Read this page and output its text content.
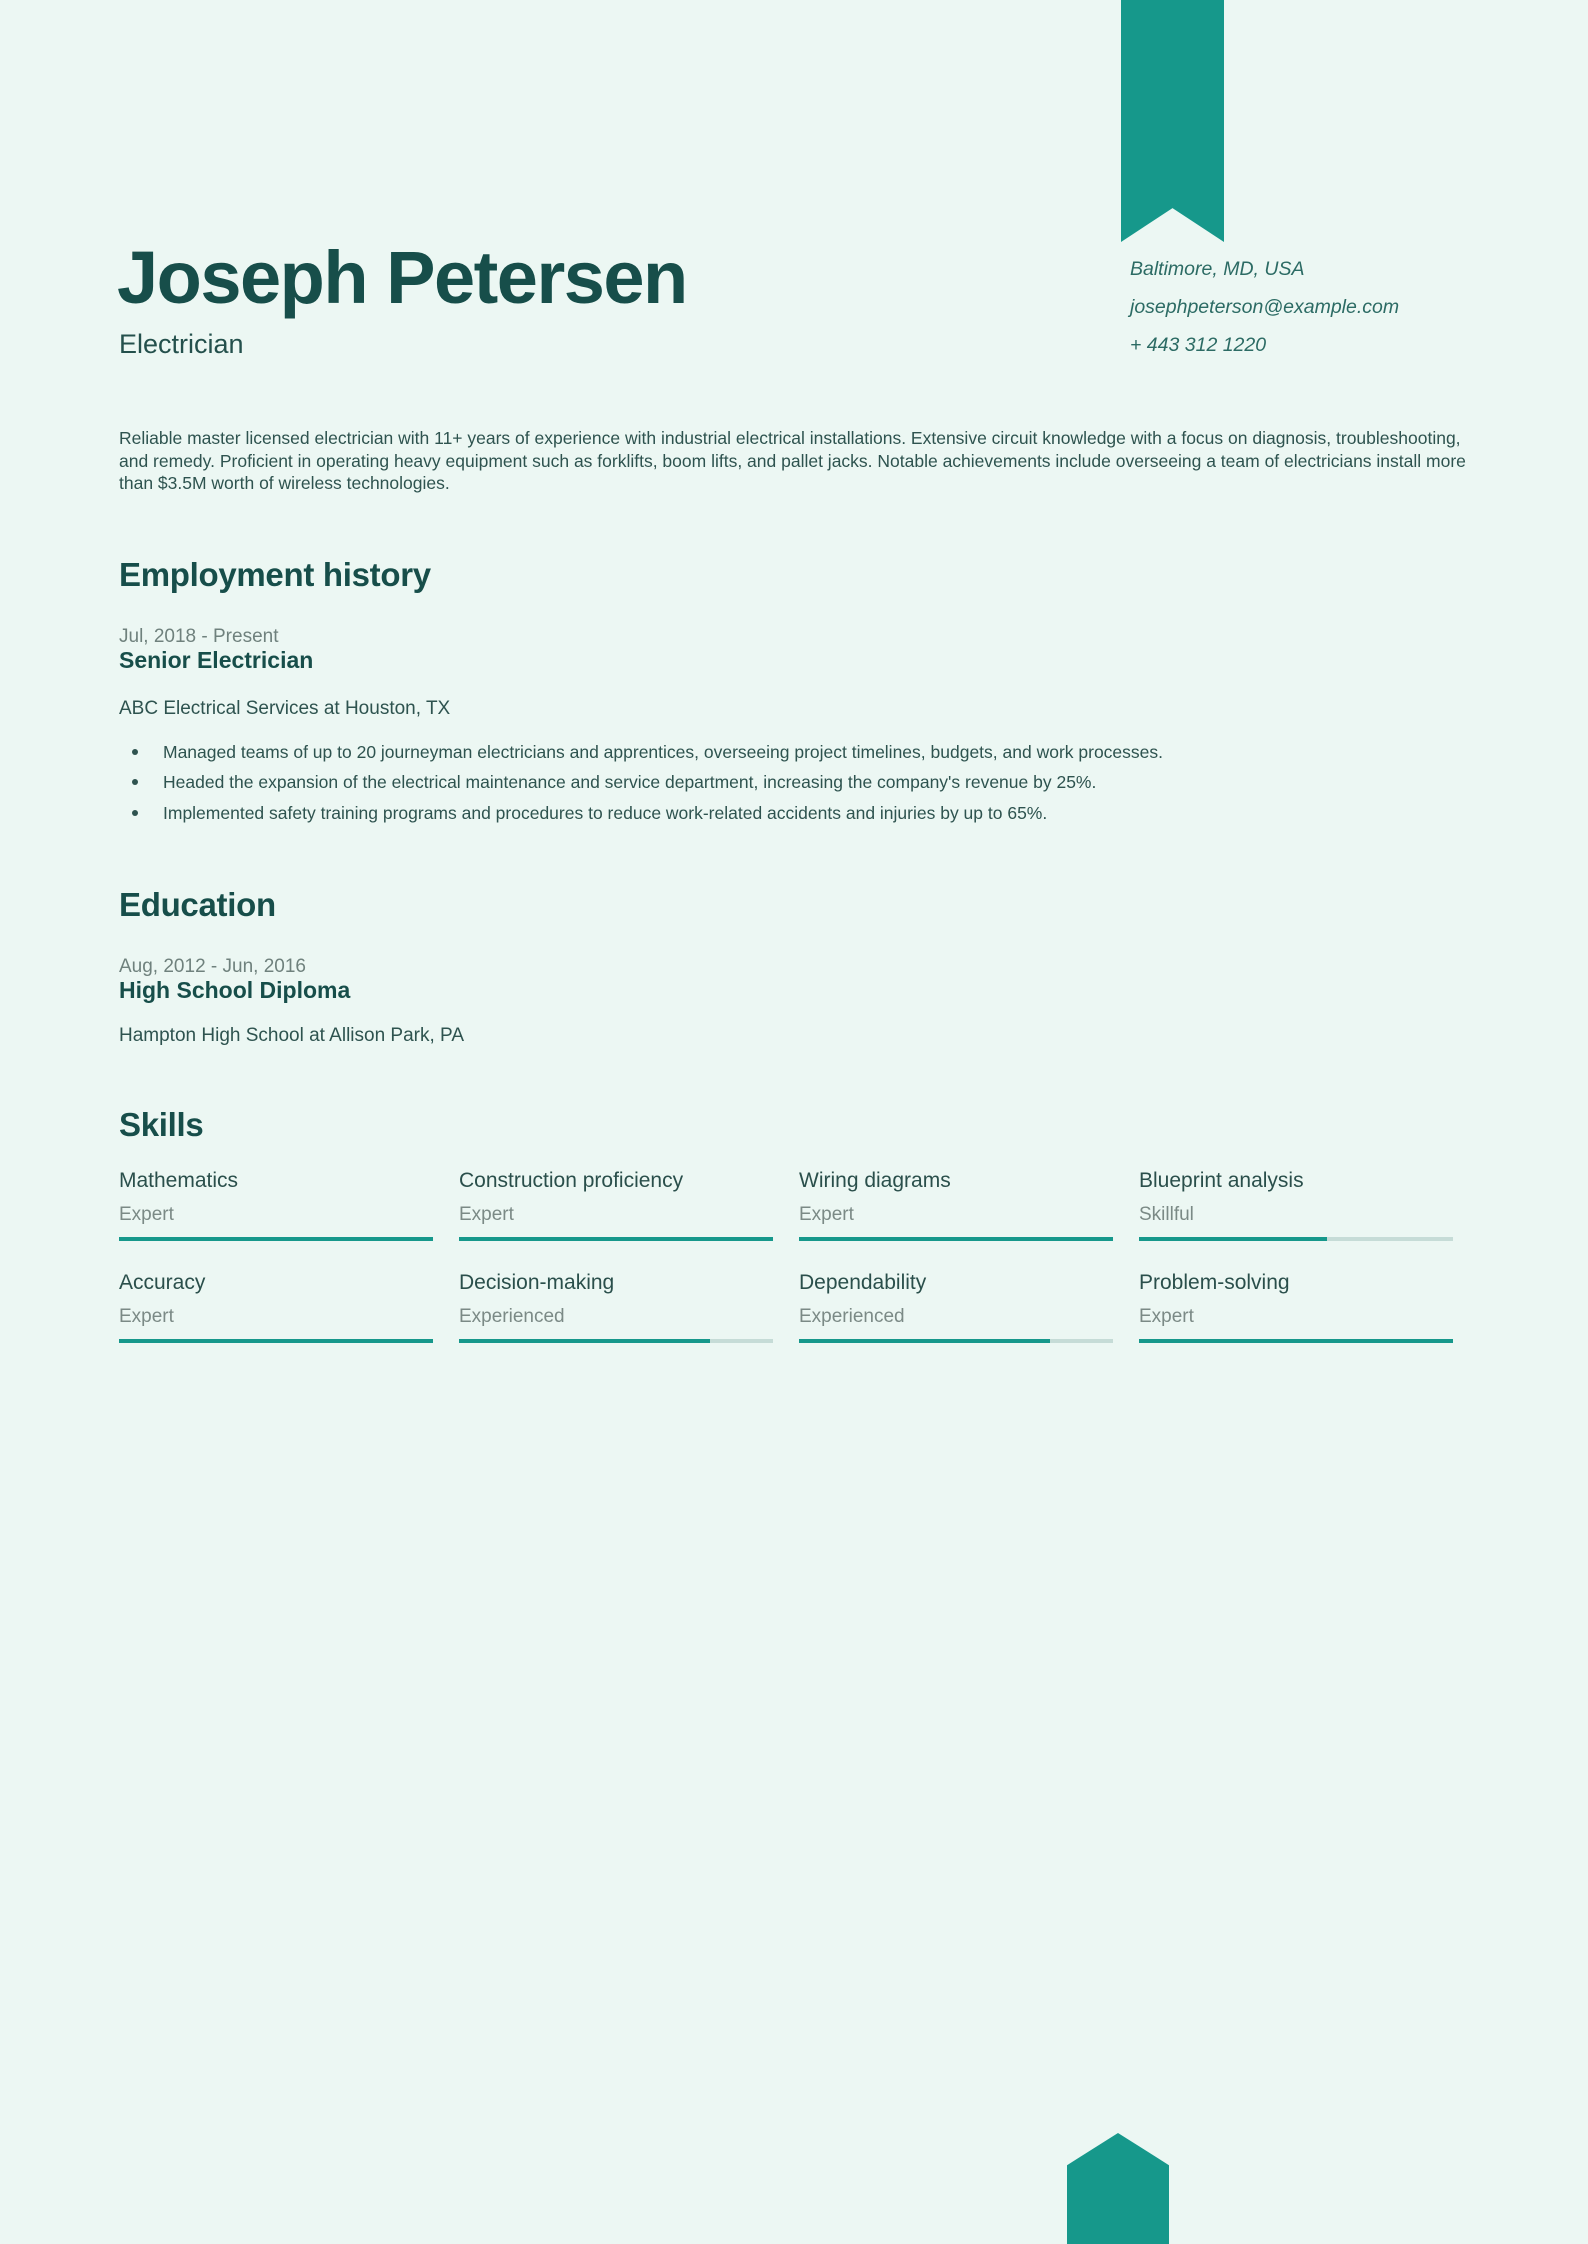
Joseph Petersen
Electrician
Baltimore, MD, USA
josephpeterson@example.com
+ 443 312 1220
Reliable master licensed electrician with 11+ years of experience with industrial electrical installations. Extensive circuit knowledge with a focus on diagnosis, troubleshooting, and remedy. Proficient in operating heavy equipment such as forklifts, boom lifts, and pallet jacks. Notable achievements include overseeing a team of electricians install more than $3.5M worth of wireless technologies.
Employment history
Jul, 2018 - Present
Senior Electrician
ABC Electrical Services at Houston, TX
Managed teams of up to 20 journeyman electricians and apprentices, overseeing project timelines, budgets, and work processes.
Headed the expansion of the electrical maintenance and service department, increasing the company's revenue by 25%.
Implemented safety training programs and procedures to reduce work-related accidents and injuries by up to 65%.
Education
Aug, 2012 - Jun, 2016
High School Diploma
Hampton High School at Allison Park, PA
Skills
Mathematics
Expert
Construction proficiency
Expert
Wiring diagrams
Expert
Blueprint analysis
Skillful
Accuracy
Expert
Decision-making
Experienced
Dependability
Experienced
Problem-solving
Expert
